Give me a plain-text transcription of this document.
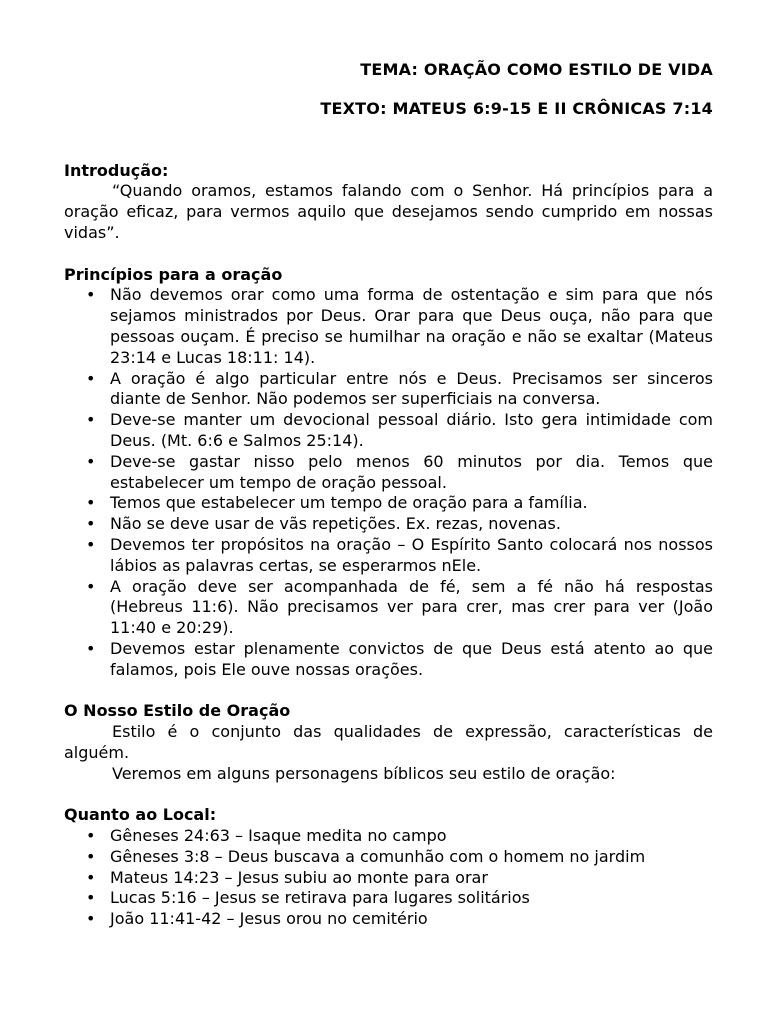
TEMA: ORAÇÃO COMO ESTILO DE VIDA
TEXTO: MATEUS 6:9-15 E II CRÔNICAS 7:14
Introdução:
“Quando oramos, estamos falando com o Senhor. Há princípios para a oração eficaz, para vermos aquilo que desejamos sendo cumprido em nossas vidas”.
Princípios para a oração
• Não devemos orar como uma forma de ostentação e sim para que nós sejamos ministrados por Deus. Orar para que Deus ouça, não para que pessoas ouçam. É preciso se humilhar na oração e não se exaltar (Mateus 23:14 e Lucas 18:11: 14).
• A oração é algo particular entre nós e Deus. Precisamos ser sinceros diante de Senhor. Não podemos ser superficiais na conversa.
• Deve-se manter um devocional pessoal diário. Isto gera intimidade com Deus. (Mt. 6:6 e Salmos 25:14).
• Deve-se gastar nisso pelo menos 60 minutos por dia. Temos que estabelecer um tempo de oração pessoal.
• Temos que estabelecer um tempo de oração para a família.
• Não se deve usar de vãs repetições. Ex. rezas, novenas.
• Devemos ter propósitos na oração – O Espírito Santo colocará nos nossos lábios as palavras certas, se esperarmos nEle.
• A oração deve ser acompanhada de fé, sem a fé não há respostas (Hebreus 11:6). Não precisamos ver para crer, mas crer para ver (João 11:40 e 20:29).
• Devemos estar plenamente convictos de que Deus está atento ao que falamos, pois Ele ouve nossas orações.
O Nosso Estilo de Oração
Estilo é o conjunto das qualidades de expressão, características de alguém.
Veremos em alguns personagens bíblicos seu estilo de oração:
Quanto ao Local:
• Gêneses 24:63 – Isaque medita no campo
• Gêneses 3:8 – Deus buscava a comunhão com o homem no jardim
• Mateus 14:23 – Jesus subiu ao monte para orar
• Lucas 5:16 – Jesus se retirava para lugares solitários
• João 11:41-42 – Jesus orou no cemitério
